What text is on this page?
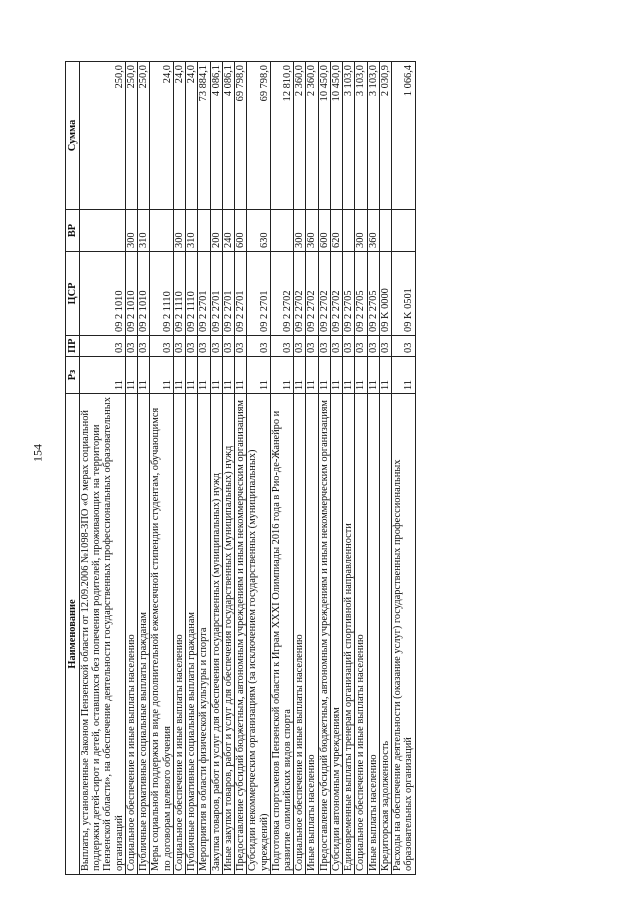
154
Наименование	Рз	ПР	ЦСР	ВР	Сумма
Выплаты, установленные Законом Пензенской области от 12.09.2006 №1098-ЗПО «О мерах социальной поддержки детей-сирот и детей, оставшихся без попечения родителей, проживающих на территории Пензенской области», на обеспечение деятельности государственных профессиональных образовательных организаций	11	03	09 2 1010		250,0
Социальное обеспечение и иные выплаты населению	11	03	09 2 1010	300	250,0
Публичные нормативные социальные выплаты гражданам	11	03	09 2 1010	310	250,0
Меры социальной поддержки в виде дополнительной ежемесячной стипендии студентам, обучающимся по договорам целевого обучения	11	03	09 2 1110		24,0
Социальное обеспечение и иные выплаты населению	11	03	09 2 1110	300	24,0
Публичные нормативные социальные выплаты гражданам	11	03	09 2 1110	310	24,0
Мероприятия в области физической культуры и спорта	11	03	09 2 2701		73 884,1
Закупка товаров, работ и услуг для обеспечения государственных (муниципальных) нужд	11	03	09 2 2701	200	4 086,1
Иные закупки товаров, работ и услуг для обеспечения государственных (муниципальных) нужд	11	03	09 2 2701	240	4 086,1
Предоставление субсидий бюджетным, автономным учреждениям и иным некоммерческим организациям	11	03	09 2 2701	600	69 798,0
Субсидии некоммерческим организациям (за исключением государственных (муниципальных) учреждений)	11	03	09 2 2701	630	69 798,0
Подготовка спортсменов Пензенской области к Играм XXXI Олимпиады 2016 года в Рио-де-Жанейро и развитие олимпийских видов спорта	11	03	09 2 2702		12 810,0
Социальное обеспечение и иные выплаты населению	11	03	09 2 2702	300	2 360,0
Иные выплаты населению	11	03	09 2 2702	360	2 360,0
Предоставление субсидий бюджетным, автономным учреждениям и иным некоммерческим организациям	11	03	09 2 2702	600	10 450,0
Субсидии автономным учреждениям	11	03	09 2 2702	620	10 450,0
Единовременные выплаты тренерам организаций спортивной направленности	11	03	09 2 2705		3 103,0
Социальное обеспечение и иные выплаты населению	11	03	09 2 2705	300	3 103,0
Иные выплаты населению	11	03	09 2 2705	360	3 103,0
Кредиторская задолженность	11	03	09 K 0000		2 030,9
Расходы на обеспечение деятельности (оказание услуг) государственных профессиональных образовательных организаций	11	03	09 K 0501		1 066,4
